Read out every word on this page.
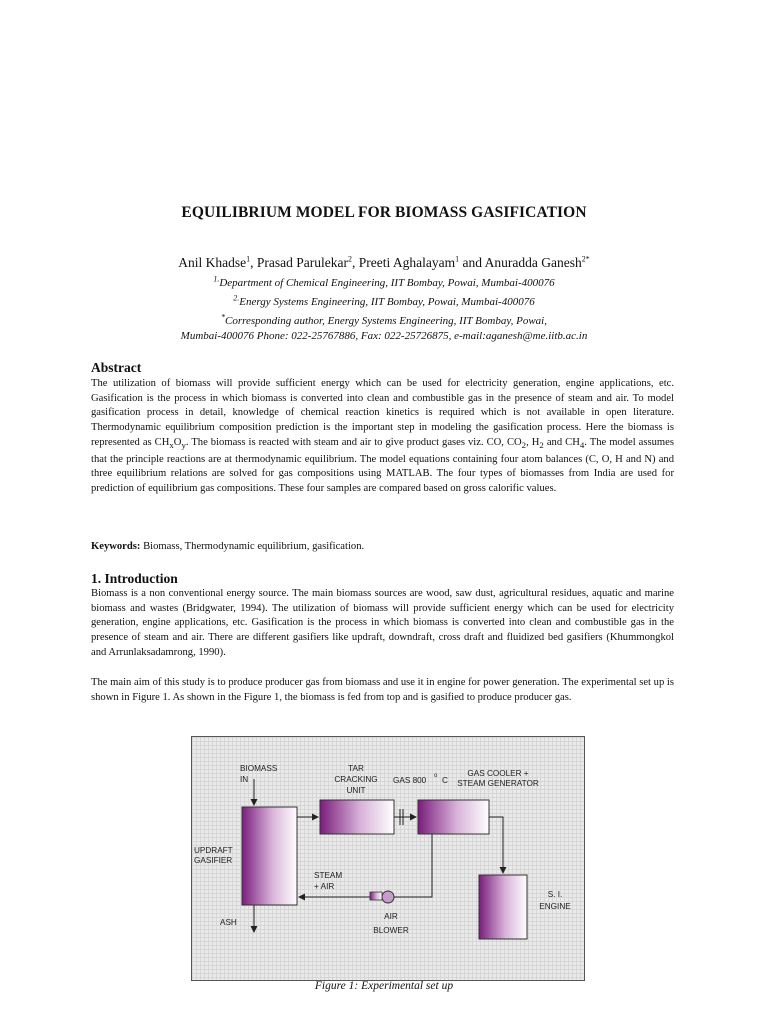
EQUILIBRIUM MODEL FOR BIOMASS GASIFICATION
Anil Khadse$^1$, Prasad Parulekar$^2$, Preeti Aghalayam$^1$ and Anuradda Ganesh$^{2*}$
$^{1.}$Department of Chemical Engineering, IIT Bombay, Powai, Mumbai-400076
$^{2.}$Energy Systems Engineering, IIT Bombay, Powai, Mumbai-400076
*Corresponding author, Energy Systems Engineering, IIT Bombay, Powai,
Mumbai-400076 Phone: 022-25767886, Fax: 022-25726875, e-mail:aganesh@me.iitb.ac.in
Abstract
The utilization of biomass will provide sufficient energy which can be used for electricity generation, engine applications, etc. Gasification is the process in which biomass is converted into clean and combustible gas in the presence of steam and air. To model gasification process in detail, knowledge of chemical reaction kinetics is required which is not available in open literature. Thermodynamic equilibrium composition prediction is the important step in modeling the gasification process. Here the biomass is represented as $CH_xO_y$. The biomass is reacted with steam and air to give product gases viz. CO, $CO_2$, $H_2$ and $CH_4$. The model assumes that the principle reactions are at thermodynamic equilibrium. The model equations containing four atom balances (C, O, H and N) and three equilibrium relations are solved for gas compositions using MATLAB. The four types of biomasses from India are used for prediction of equilibrium gas compositions. These four samples are compared based on gross calorific values.
Keywords: Biomass, Thermodynamic equilibrium, gasification.
1. Introduction
Biomass is a non conventional energy source. The main biomass sources are wood, saw dust, agricultural residues, aquatic and marine biomass and wastes (Bridgwater, 1994). The utilization of biomass will provide sufficient energy which can be used for electricity generation, engine applications, etc. Gasification is the process in which biomass is converted into clean and combustible gas in the presence of steam and air. There are different gasifiers like updraft, downdraft, cross draft and fluidized bed gasifiers (Khummongkol and Arrunlaksadamrong, 1990).
The main aim of this study is to produce producer gas from biomass and use it in engine for power generation. The experimental set up is shown in Figure 1. As shown in the Figure 1, the biomass is fed from top and is gasified to produce producer gas.
BIOMASS
IN
TAR
CRACKING
UNIT
GAS 800 o C
GAS COOLER +
STEAM GENERATOR
UPDRAFT
GASIFIER
STEAM
+ AIR
ASH
AIR
BLOWER
S. I.
ENGINE
Figure 1: Experimental set up
